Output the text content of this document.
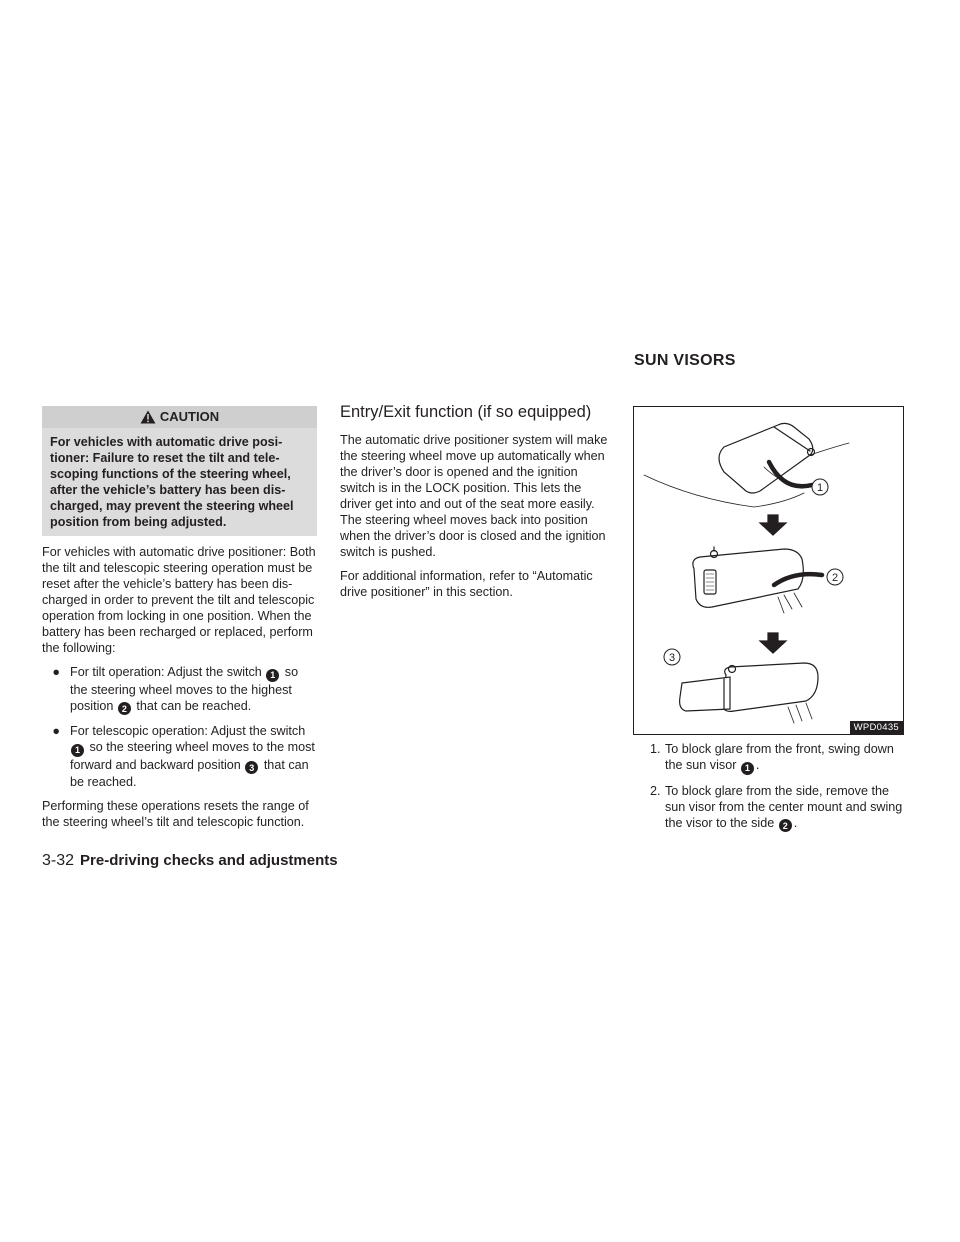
SUN VISORS
CAUTION
For vehicles with automatic drive posi- tioner: Failure to reset the tilt and tele- scoping functions of the steering wheel, after the vehicle’s battery has been dis- charged, may prevent the steering wheel position from being adjusted.

For vehicles with automatic drive positioner: Both the tilt and telescopic steering operation must be reset after the vehicle’s battery has been dis- charged in order to prevent the tilt and telescopic operation from locking in one position. When the battery has been recharged or replaced, perform the following:

● For tilt operation: Adjust the switch 1 so the steering wheel moves to the highest position 2 that can be reached.
● For telescopic operation: Adjust the switch 1 so the steering wheel moves to the most forward and backward position 3 that can be reached.

Performing these operations resets the range of the steering wheel’s tilt and telescopic function.

Entry/Exit function (if so equipped)

The automatic drive positioner system will make the steering wheel move up automatically when the driver’s door is opened and the ignition switch is in the LOCK position. This lets the driver get into and out of the seat more easily. The steering wheel moves back into position when the driver’s door is closed and the ignition switch is pushed.

For additional information, refer to “Automatic drive positioner” in this section.

1
2
3
WPD0435
1. To block glare from the front, swing down the sun visor 1 .
2. To block glare from the side, remove the sun visor from the center mount and swing the visor to the side 2 .
3-32 Pre-driving checks and adjustments
